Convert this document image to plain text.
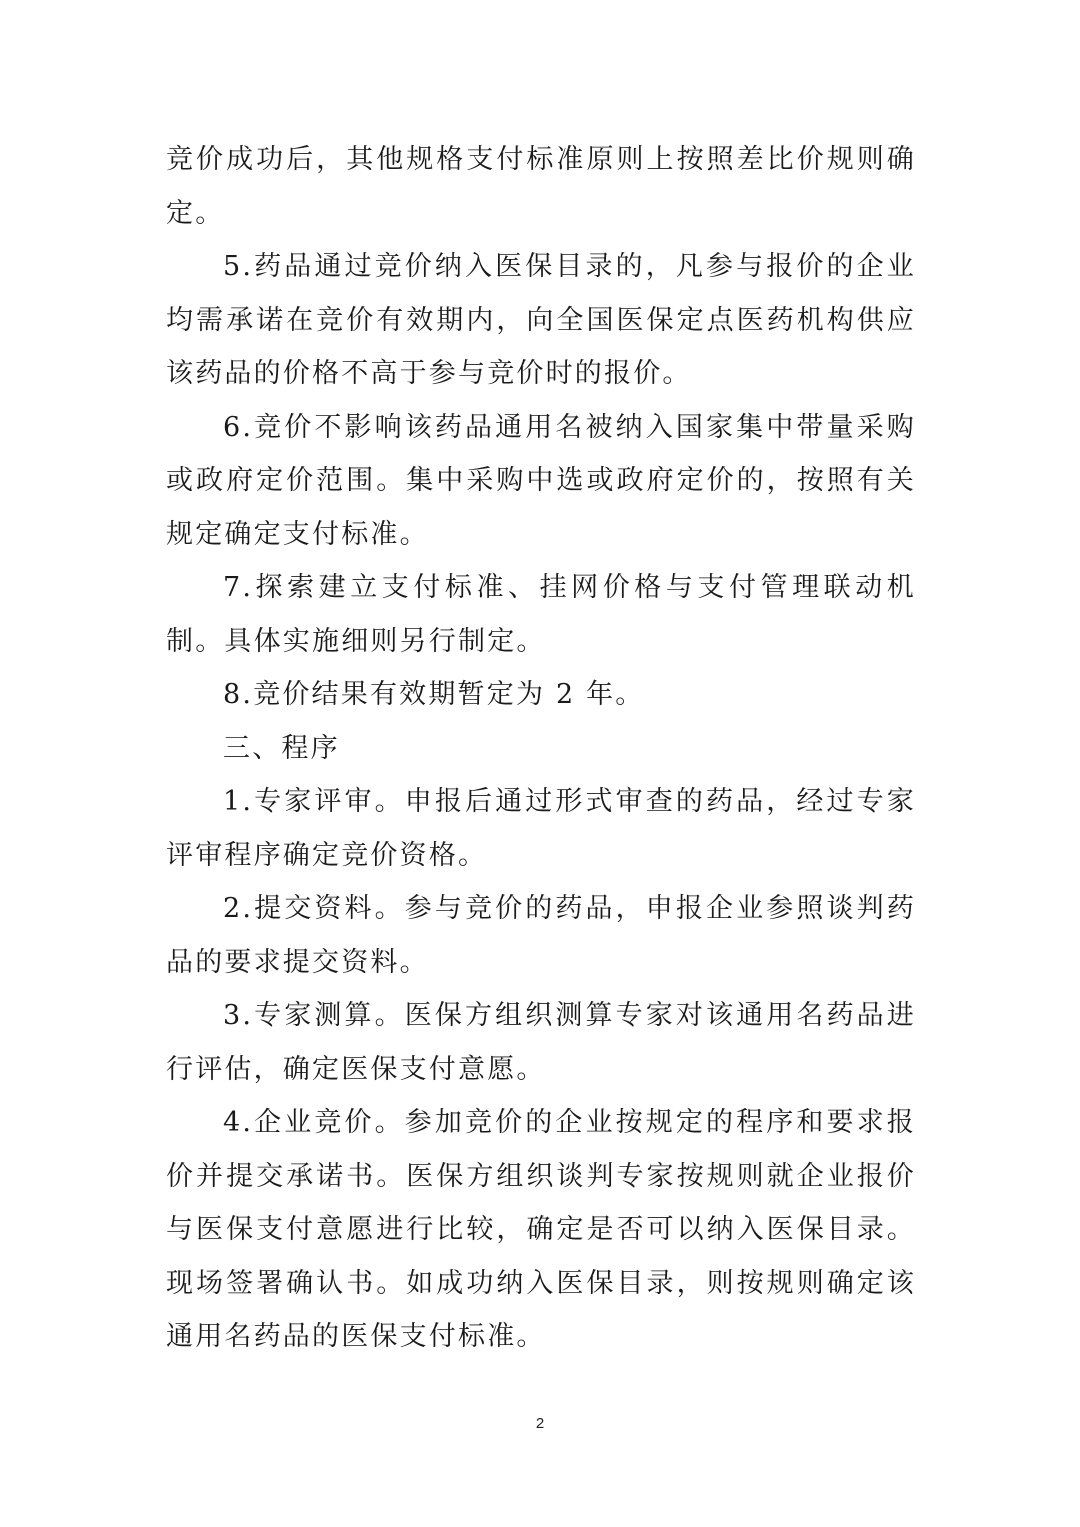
竞价成功后，其他规格支付标准原则上按照差比价规则确定。

5.药品通过竞价纳入医保目录的，凡参与报价的企业均需承诺在竞价有效期内，向全国医保定点医药机构供应该药品的价格不高于参与竞价时的报价。

6.竞价不影响该药品通用名被纳入国家集中带量采购或政府定价范围。集中采购中选或政府定价的，按照有关规定确定支付标准。

7.探索建立支付标准、挂网价格与支付管理联动机制。具体实施细则另行制定。

8.竞价结果有效期暂定为 2 年。

三、程序

1.专家评审。申报后通过形式审查的药品，经过专家评审程序确定竞价资格。

2.提交资料。参与竞价的药品，申报企业参照谈判药品的要求提交资料。

3.专家测算。医保方组织测算专家对该通用名药品进行评估，确定医保支付意愿。

4.企业竞价。参加竞价的企业按规定的程序和要求报价并提交承诺书。医保方组织谈判专家按规则就企业报价与医保支付意愿进行比较，确定是否可以纳入医保目录。现场签署确认书。如成功纳入医保目录，则按规则确定该通用名药品的医保支付标准。

2
